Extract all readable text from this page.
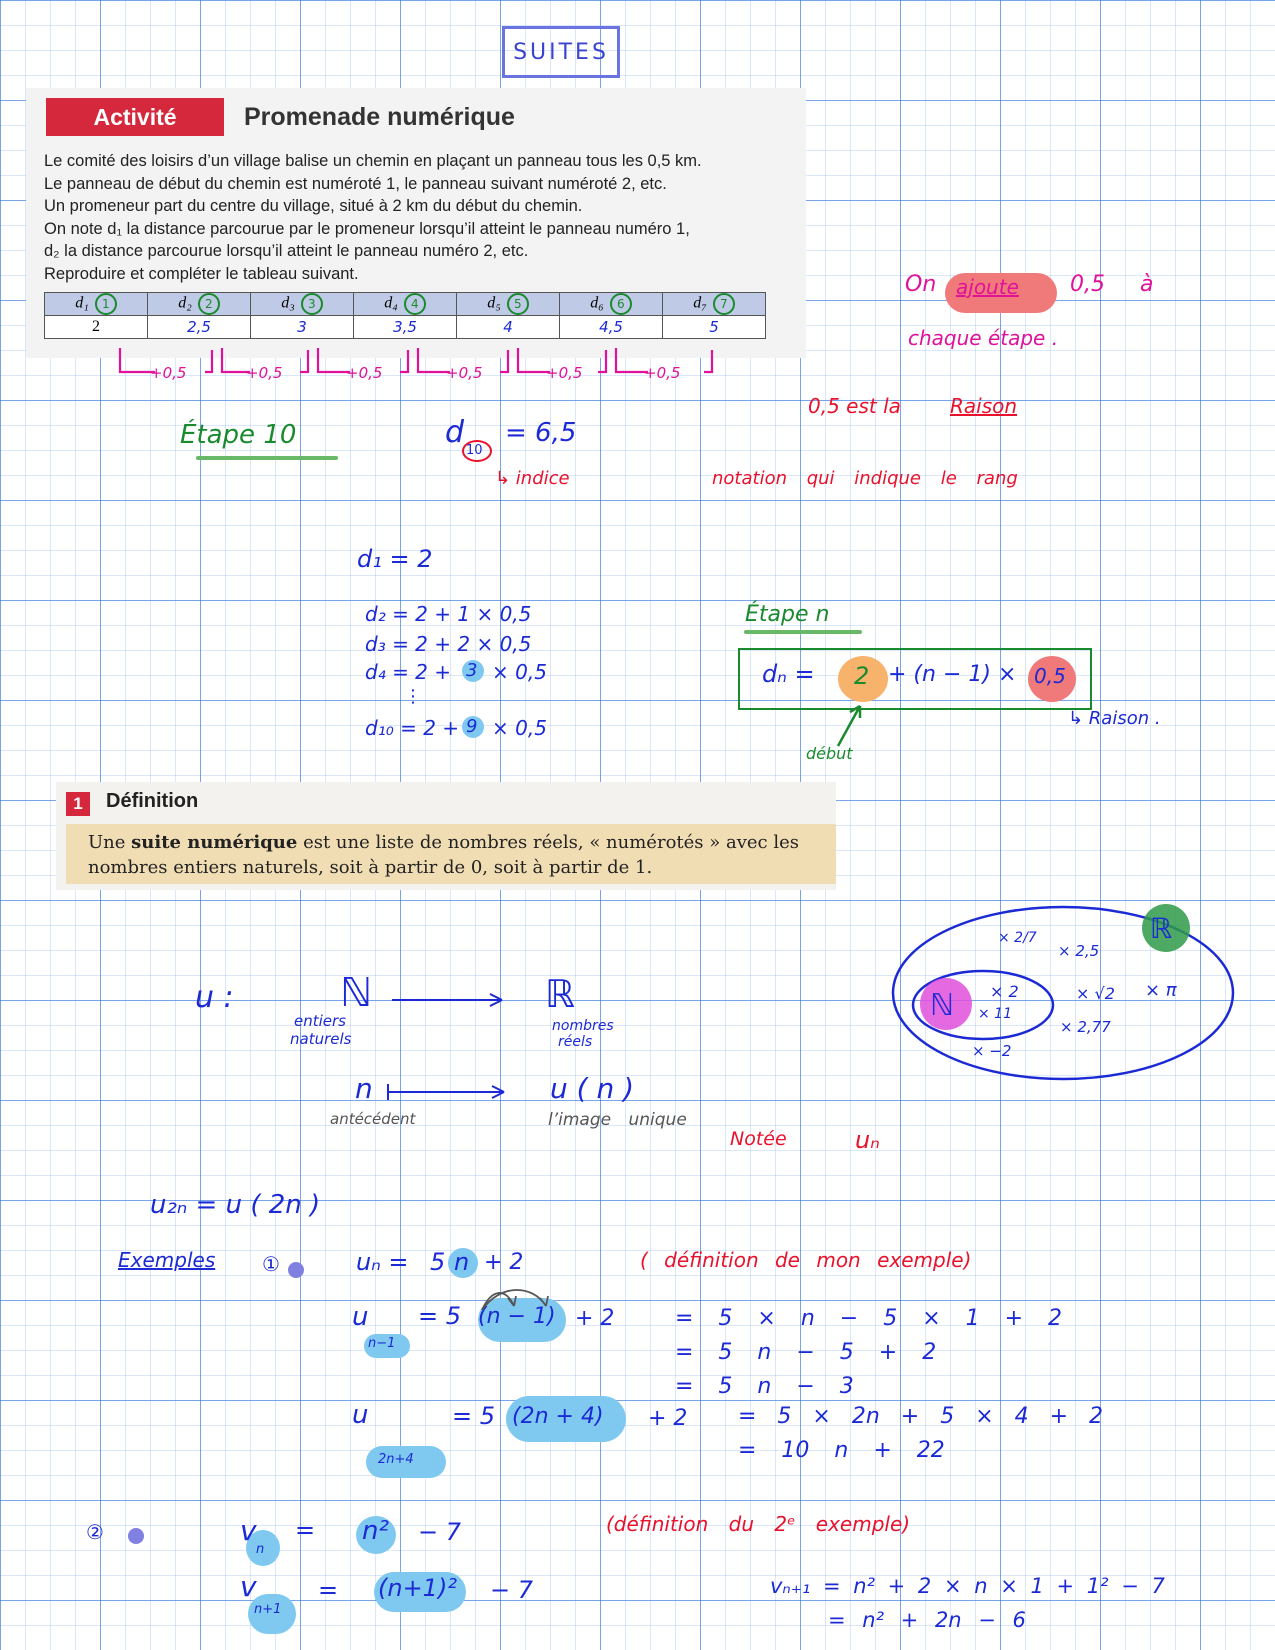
SUITES
Activité	Promenade numérique
Le comité des loisirs d’un village balise un chemin en plaçant un panneau tous les 0,5 km.
Le panneau de début du chemin est numéroté 1, le panneau suivant numéroté 2, etc.
Un promeneur part du centre du village, situé à 2 km du début du chemin.
On note d₁ la distance parcourue par le promeneur lorsqu’il atteint le panneau numéro 1,
d₂ la distance parcourue lorsqu’il atteint le panneau numéro 2, etc.
Reproduire et compléter le tableau suivant.
d₁ 1	d₂ 2	d₃ 3	d₄ 4	d₅ 5	d₆ 6	d₇ 7
2	2,5	3	3,5	4	4,5	5
+0,5	+0,5	+0,5	+0,5	+0,5	+0,5
On ajoute 0,5 à
chaque étape .
0,5 est la Raison
Étape 10	d
10
= 6,5
↳ indice	notation qui indique le rang
d₁ = 2
d₂ = 2 + 1 × 0,5
d₃ = 2 + 2 × 0,5
d₄ = 2 + 3 × 0,5
⋮
d₁₀ = 2 + 9 × 0,5
Étape n
dₙ = 2 + (n − 1) × 0,5
↳ Raison .
début
1	Définition
Une suite numérique est une liste de nombres réels, « numérotés » avec les nombres entiers naturels, soit à partir de 0, soit à partir de 1.
u :	ℕ	ℝ
entiers
naturels
nombres
réels
n	u ( n )
antécédent	l’image unique
Notée	uₙ
ℝ
ℕ
× 2/7
× 2,5
× √2 × π
× 2,77
× −2
× 2
× 11
u₂ₙ = u ( 2n )
Exemples ①	uₙ = 5 n + 2	( définition de mon exemple)
u
n−1
= 5 (n − 1) + 2	= 5 × n − 5 × 1 + 2
= 5 n − 5 + 2
= 5 n − 3
u
2n+4
= 5 (2n + 4) + 2 = 5 × 2n + 5 × 4 + 2
= 10 n + 22
②	v
n
= n² − 7	(définition du 2ᵉ exemple)
v
n+1
= (n+1)² − 7	vₙ₊₁ = n² + 2 × n × 1 + 1² − 7
= n² + 2n − 6
